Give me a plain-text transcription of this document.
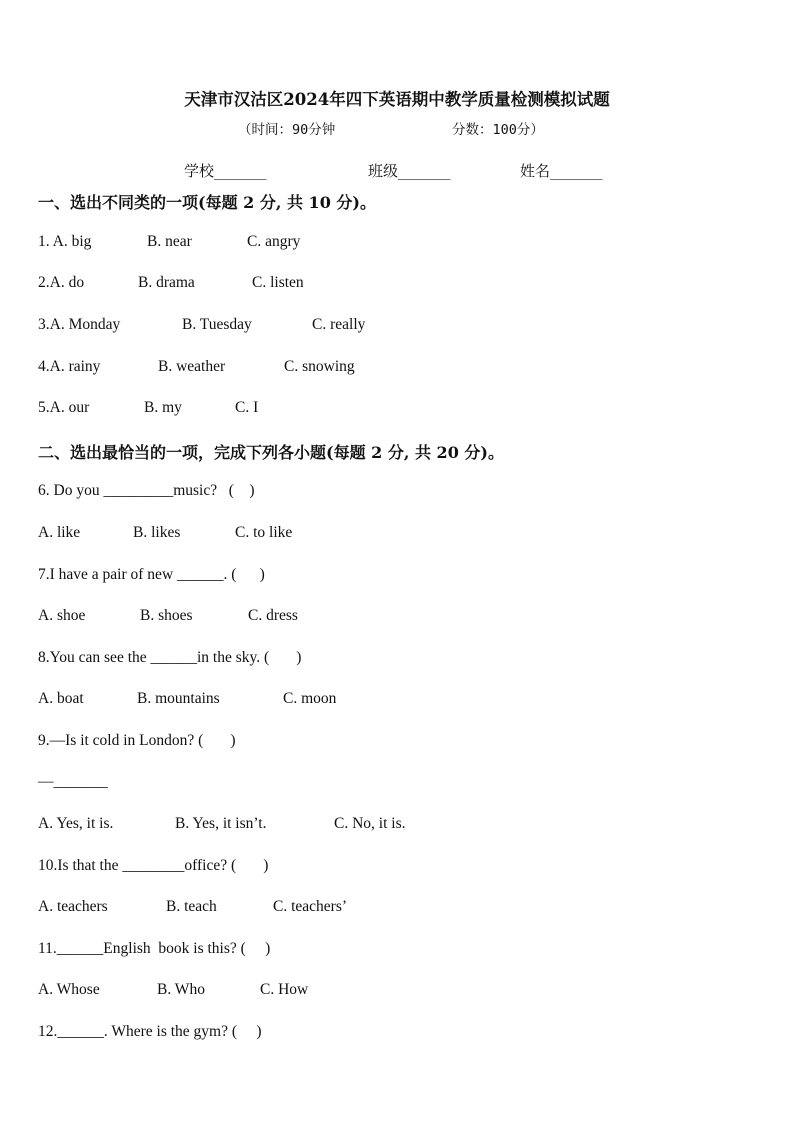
天津市汉沽区2024年四下英语期中教学质量检测模拟试题
（时间：90分钟	分数：100分）
学校_______	班级_______	姓名_______
一、选出不同类的一项(每题 2 分, 共 10 分)。
1. A. big	B. near	C. angry
2.A. do	B. drama	C. listen
3.A. Monday	B. Tuesday	C. really
4.A. rainy	B. weather	C. snowing
5.A. our	B. my	C. I
二、选出最恰当的一项，完成下列各小题(每题 2 分, 共 20 分)。
6. Do you _________music?   (    )
A. like	B. likes	C. to like
7.I have a pair of new ______. (      )
A. shoe	B. shoes	C. dress
8.You can see the ______in the sky. (       )
A. boat	B. mountains	C. moon
9.—Is it cold in London? (       )
—_______
A. Yes, it is.	B. Yes, it isn’t.	C. No, it is.
10.Is that the ________office? (       )
A. teachers	B. teach	C. teachers’
11.______English  book is this? (     )
A. Whose	B. Who	C. How
12.______. Where is the gym? (     )
